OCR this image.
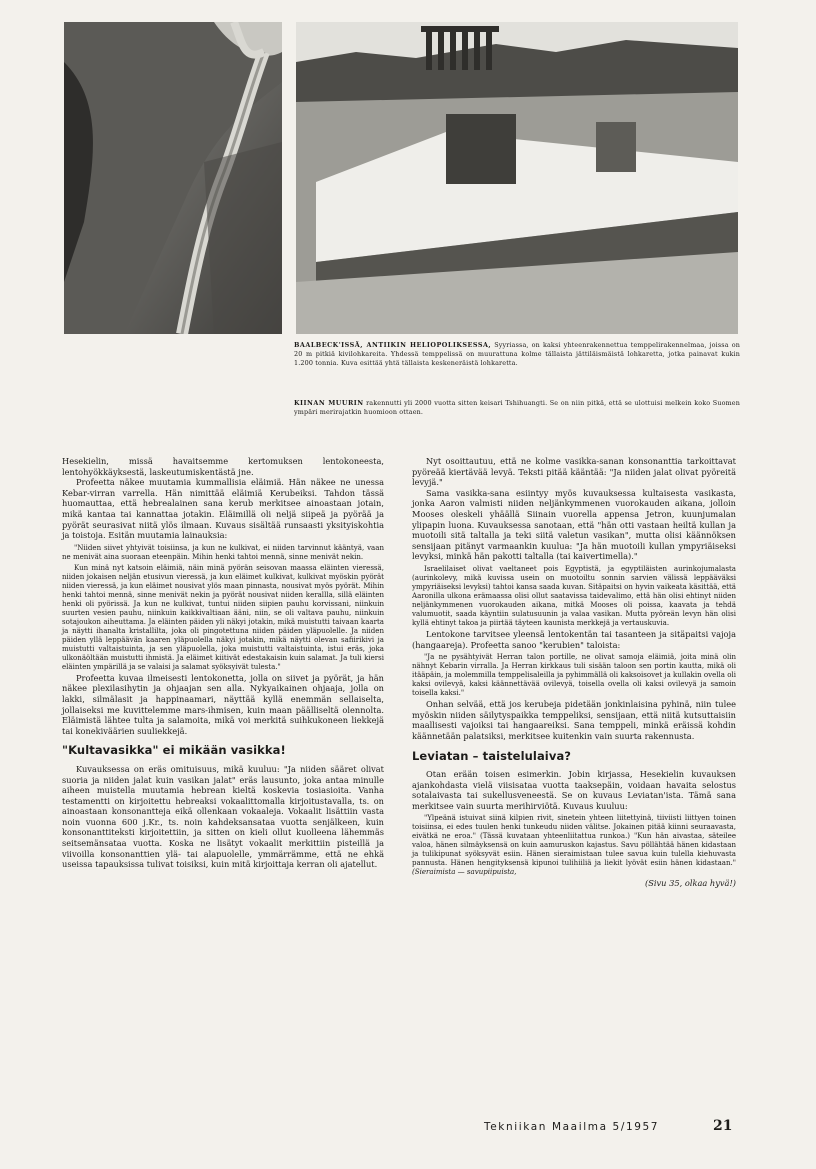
BAALBECK'ISSÄ, ANTIIKIN HELIOPOLIKSESSA, Syyriassa, on kaksi yhteenrakennettua temppelirakennelmaa, joissa on 20 m pitkiä kivilohkareita. Yhdessä temppelissä on muurattuna kolme tällaista jättiläismäistä lohkaretta, jotka painavat kukin 1.200 tonnia. Kuva esittää yhtä tällaista keskeneräistä lohkaretta.
KIINAN MUURIN rakennutti yli 2000 vuotta sitten keisari Tshihuangti. Se on niin pitkä, että se ulottuisi melkein koko Suomen ympäri merirajatkin huomioon ottaen.

Hesekielin, missä havaitsemme kertomuksen lentokoneesta, lentohyökkäyksestä, laskeutumiskentästä jne.

Profeetta näkee muutamia kummallisia eläimiä. Hän näkee ne unessa Kebar-virran varrella. Hän nimittää eläimiä Kerubeiksi. Tahdon tässä huomauttaa, että hebrealainen sana kerub merkitsee ainoastaan jotain, mikä kantaa tai kannattaa jotakin. Eläimillä oli neljä siipeä ja pyörää ja pyörät seurasivat niitä ylös ilmaan. Kuvaus sisältää runsaasti yksityiskohtia ja toistoja. Esitän muutamia lainauksia:

"Niiden siivet yhtyivät toisiinsa, ja kun ne kulkivat, ei niiden tarvinnut kääntyä, vaan ne menivät aina suoraan eteenpäin. Mihin henki tahtoi mennä, sinne menivät nekin.

Kun minä nyt katsoin eläimiä, näin minä pyörän seisovan maassa eläinten vieressä, niiden jokaisen neljän etusivun vieressä, ja kun eläimet kulkivat, kulkivat myöskin pyörät niiden vieressä, ja kun eläimet nousivat ylös maan pinnasta, nousivat myös pyörät. Mihin henki tahtoi mennä, sinne menivät nekin ja pyörät nousivat niiden kerallla, sillä eläinten henki oli pyörissä. Ja kun ne kulkivat, tuntui niiden siipien pauhu korvissani, niinkuin suurten vesien pauhu, niinkuin kaikkivaltiaan ääni, niin, se oli valtava pauhu, niinkuin sotajoukon aiheuttama. Ja eläinten päiden yli näkyi jotakin, mikä muistutti taivaan kaarta ja näytti ihanalta kristallilta, joka oli pingotettuna niiden päiden yläpuolelle. Ja niiden päiden yllä leppäävän kaaren yläpuolella näkyi jotakin, mikä näytti olevan safiirikivi ja muistutti valtaistuinta, ja sen yläpuolella, joka muistutti valtaistuinta, istui eräs, joka ulkonäöltään muistutti ihmistä. Ja eläimet kiitivät edestakaisin kuin salamat. Ja tuli kiersi eläinten ympärillä ja se valaisi ja salamat syöksyivät tulesta."

Profeetta kuvaa ilmeisesti lentokonetta, jolla on siivet ja pyörät, ja hän näkee plexilasihytin ja ohjaajan sen alla. Nykyaikainen ohjaaja, jolla on lakki, silmälasit ja happinaamari, näyttää kyllä enemmän sellaiselta, jollaiseksi me kuvittelemme mars-ihmisen, kuin maan päälliseltä olennolta. Eläimistä lähtee tulta ja salamoita, mikä voi merkitä suihkukoneen liekkejä tai konekiväärien suuliekkejä.

"Kultavasikka" ei mikään vasikka!

Kuvauksessa on eräs omituisuus, mikä kuuluu: "Ja niiden sääret olivat suoria ja niiden jalat kuin vasikan jalat" eräs lausunto, joka antaa minulle aiheen muistella muutamia hebrean kieltä koskevia tosiasioita. Vanha testamentti on kirjoitettu hebreaksi vokaalittomalla kirjoitustavalla, ts. on ainoastaan konsonantteja eikä ollenkaan vokaaleja. Vokaalit lisättiin vasta noin vuonna 600 j.Kr., ts. noin kahdeksansataa vuotta senjälkeen, kuin konsonanttiteksti kirjoitettiin, ja sitten on kieli ollut kuolleena lähemmäs seitsemänsataa vuotta. Koska ne lisätyt vokaalit merkittiin pisteillä ja viivoilla konsonanttien ylä- tai alapuolelle, ymmärrämme, että ne ehkä useissa tapauksissa tulivat toisiksi, kuin mitä kirjoittaja kerran oli ajatellut.

Nyt osoittautuu, että ne kolme vasikka-sanan konsonanttia tarkoittavat pyöreää kiertävää levyä. Teksti pitää kääntää: "Ja niiden jalat olivat pyöreitä levyjä."

Sama vasikka-sana esiintyy myös kuvauksessa kultaisesta vasikasta, jonka Aaron valmisti niiden neljänkymmenen vuorokauden aikana, jolloin Mooses oleskeli yhäällä Siinain vuorella appensa Jetron, kuunjumalan ylipapin luona. Kuvauksessa sanotaan, että "hän otti vastaan heiltä kullan ja muotoili sitä taltalla ja teki siitä valetun vasikan", mutta olisi käännöksen sensijaan pitänyt varmaankin kuulua: "Ja hän muotoili kullan ympyriäiseksi levyksi, minkä hän pakotti taltalla (tai kaivertimella)."

Israelilaiset olivat vaeltaneet pois Egyptistä, ja egyptiläisten aurinkojumalasta (aurinkolevy, mikä kuvissa usein on muotoiltu sonnin sarvien välissä leppääväksi ympyriäiseksi levyksi) tahtoi kansa saada kuvan. Sitäpaitsi on hyvin vaikeata käsittää, että Aaronilla ulkona erämaassa olisi ollut saatavissa taidevalimo, että hän olisi ehtinyt niiden neljänkymmenen vuorokauden aikana, mitkä Mooses oli poissa, kaavata ja tehdä valumuotit, saada käyntiin sulatusuunin ja valaa vasikan. Mutta pyöreän levyn hän olisi kyllä ehtinyt takoa ja piirtää täyteen kaunista merkkejä ja vertauskuvia.

Lentokone tarvitsee yleensä lentokentän tai tasanteen ja sitäpaitsi vajoja (hangaareja). Profeetta sanoo "kerubien" taloista:

"Ja ne pysähtyivät Herran talon portille, ne olivat samoja eläimiä, joita minä olin nähnyt Kebarin virralla. Ja Herran kirkkaus tuli sisään taloon sen portin kautta, mikä oli itääpäin, ja molemmilla temppelisaleilla ja pyhimmällä oli kaksoisovet ja kullakin ovella oli kaksi ovilevyä, kaksi käännettävää ovilevyä, toisella ovella oli kaksi ovilevyä ja samoin toisella kaksi."

Onhan selvää, että jos kerubeja pidetään jonkinlaisina pyhinä, niin tulee myöskin niiden säilytyspaikka temppeliksi, sensijaan, että niitä kutsuttaisiin maallisesti vajoiksi tai hangaareiksi. Sana temppeli, minkä eräissä kohdin käännetään palatsiksi, merkitsee kuitenkin vain suurta rakennusta.

Leviatan – taistelulaiva?

Otan erään toisen esimerkin. Jobin kirjassa, Hesekielin kuvauksen ajankohdasta vielä viisisataa vuotta taaksepäin, voidaan havaita selostus sotalaivasta tai sukellusveneestä. Se on kuvaus Leviatan'ista. Tämä sana merkitsee vain suurta merihirviötä. Kuvaus kuuluu:

"Ylpeänä istuivat siinä kilpien rivit, sinetein yhteen liitettyinä, tiiviisti liittyen toinen toisiinsa, ei edes tuulen henki tunkeudu niiden välitse. Jokainen pitää kiinni seuraavasta, eivätkä ne eroa." (Tässä kuvataan yhteenliitattua runkoa.) "Kun hän aivastaa, säteilee valoa, hänen silmäyksensä on kuin aamuruskon kajastus. Savu pöllähtää hänen kidastaan ja tulikipunat syöksyvät esiin. Hänen sieraimistaan tulee savua kuin tulella kiehuvasta pannusta. Hänen hengityksensä kipunoi tulihiiliä ja liekit lyövät esiin hänen kidastaan." (Sieraimista — savupiipuista,

(Sivu 35, olkaa hyvä!)

Tekniikan Maailma 5/1957	21
